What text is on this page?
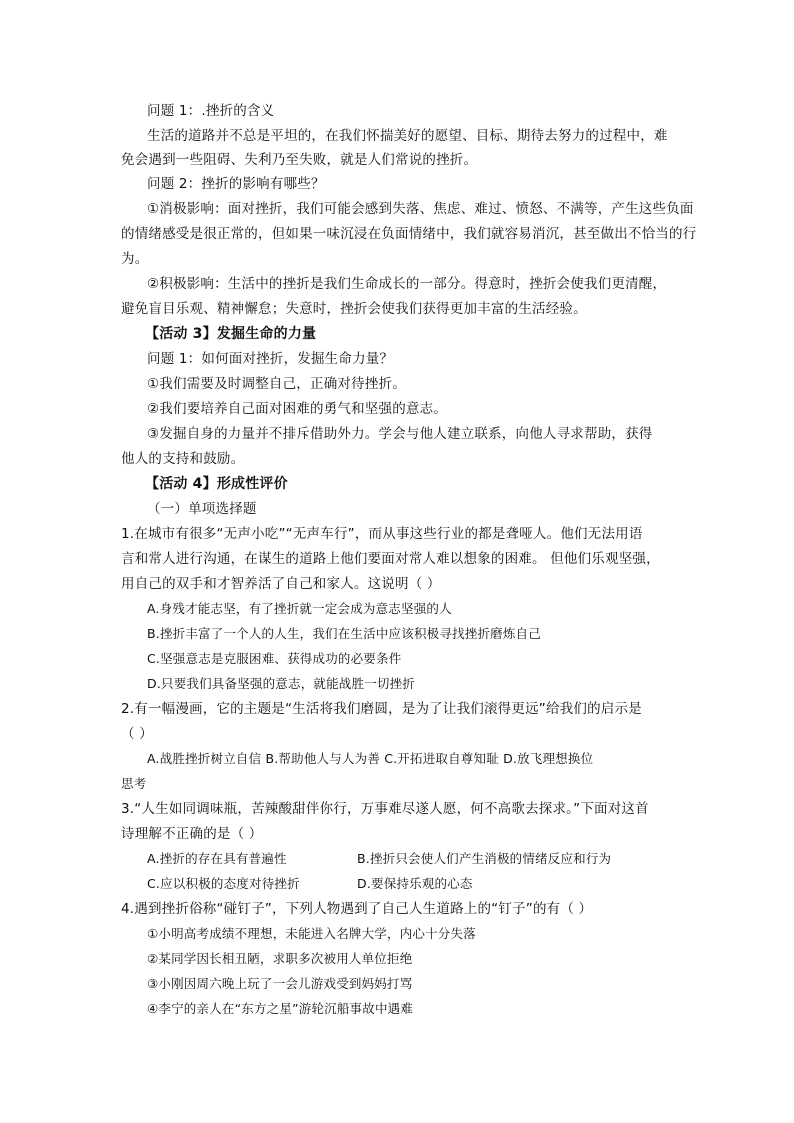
问题 1：.挫折的含义
生活的道路并不总是平坦的，在我们怀揣美好的愿望、目标、期待去努力的过程中，难
免会遇到一些阻碍、失利乃至失败，就是人们常说的挫折。
问题 2：挫折的影响有哪些？
①消极影响：面对挫折，我们可能会感到失落、焦虑、难过、愤怒、不满等，产生这些负面
的情绪感受是很正常的，但如果一味沉浸在负面情绪中，我们就容易消沉，甚至做出不恰当的行
为。
②积极影响：生活中的挫折是我们生命成长的一部分。得意时，挫折会使我们更清醒，
避免盲目乐观、精神懈怠；失意时，挫折会使我们获得更加丰富的生活经验。
【活动 3】发掘生命的力量
问题 1：如何面对挫折，发掘生命力量？
①我们需要及时调整自己，正确对待挫折。
②我们要培养自己面对困难的勇气和坚强的意志。
③发掘自身的力量并不排斥借助外力。学会与他人建立联系，向他人寻求帮助，获得
他人的支持和鼓励。
【活动 4】形成性评价
（一）单项选择题
1.在城市有很多“无声小吃”“无声车行”，而从事这些行业的都是聋哑人。他们无法用语
言和常人进行沟通，在谋生的道路上他们要面对常人难以想象的困难。 但他们乐观坚强，
用自己的双手和才智养活了自己和家人。这说明（ ）
A.身残才能志坚，有了挫折就一定会成为意志坚强的人
B.挫折丰富了一个人的人生，我们在生活中应该积极寻找挫折磨炼自己
C.坚强意志是克服困难、获得成功的必要条件
D.只要我们具备坚强的意志，就能战胜一切挫折
2.有一幅漫画，它的主题是“生活将我们磨圆，是为了让我们滚得更远”给我们的启示是
（ ）
A.战胜挫折树立自信 B.帮助他人与人为善 C.开拓进取自尊知耻 D.放飞理想换位
思考
3.“人生如同调味瓶，苦辣酸甜伴你行，万事难尽遂人愿，何不高歌去探求。”下面对这首
诗理解不正确的是（ ）
A.挫折的存在具有普遍性	B.挫折只会使人们产生消极的情绪反应和行为
C.应以积极的态度对待挫折	D.要保持乐观的心态
4.遇到挫折俗称“碰钉子”，下列人物遇到了自己人生道路上的“钉子”的有（ ）
①小明高考成绩不理想，未能进入名牌大学，内心十分失落
②某同学因长相丑陋，求职多次被用人单位拒绝
③小刚因周六晚上玩了一会儿游戏受到妈妈打骂
④李宁的亲人在“东方之星”游轮沉船事故中遇难
